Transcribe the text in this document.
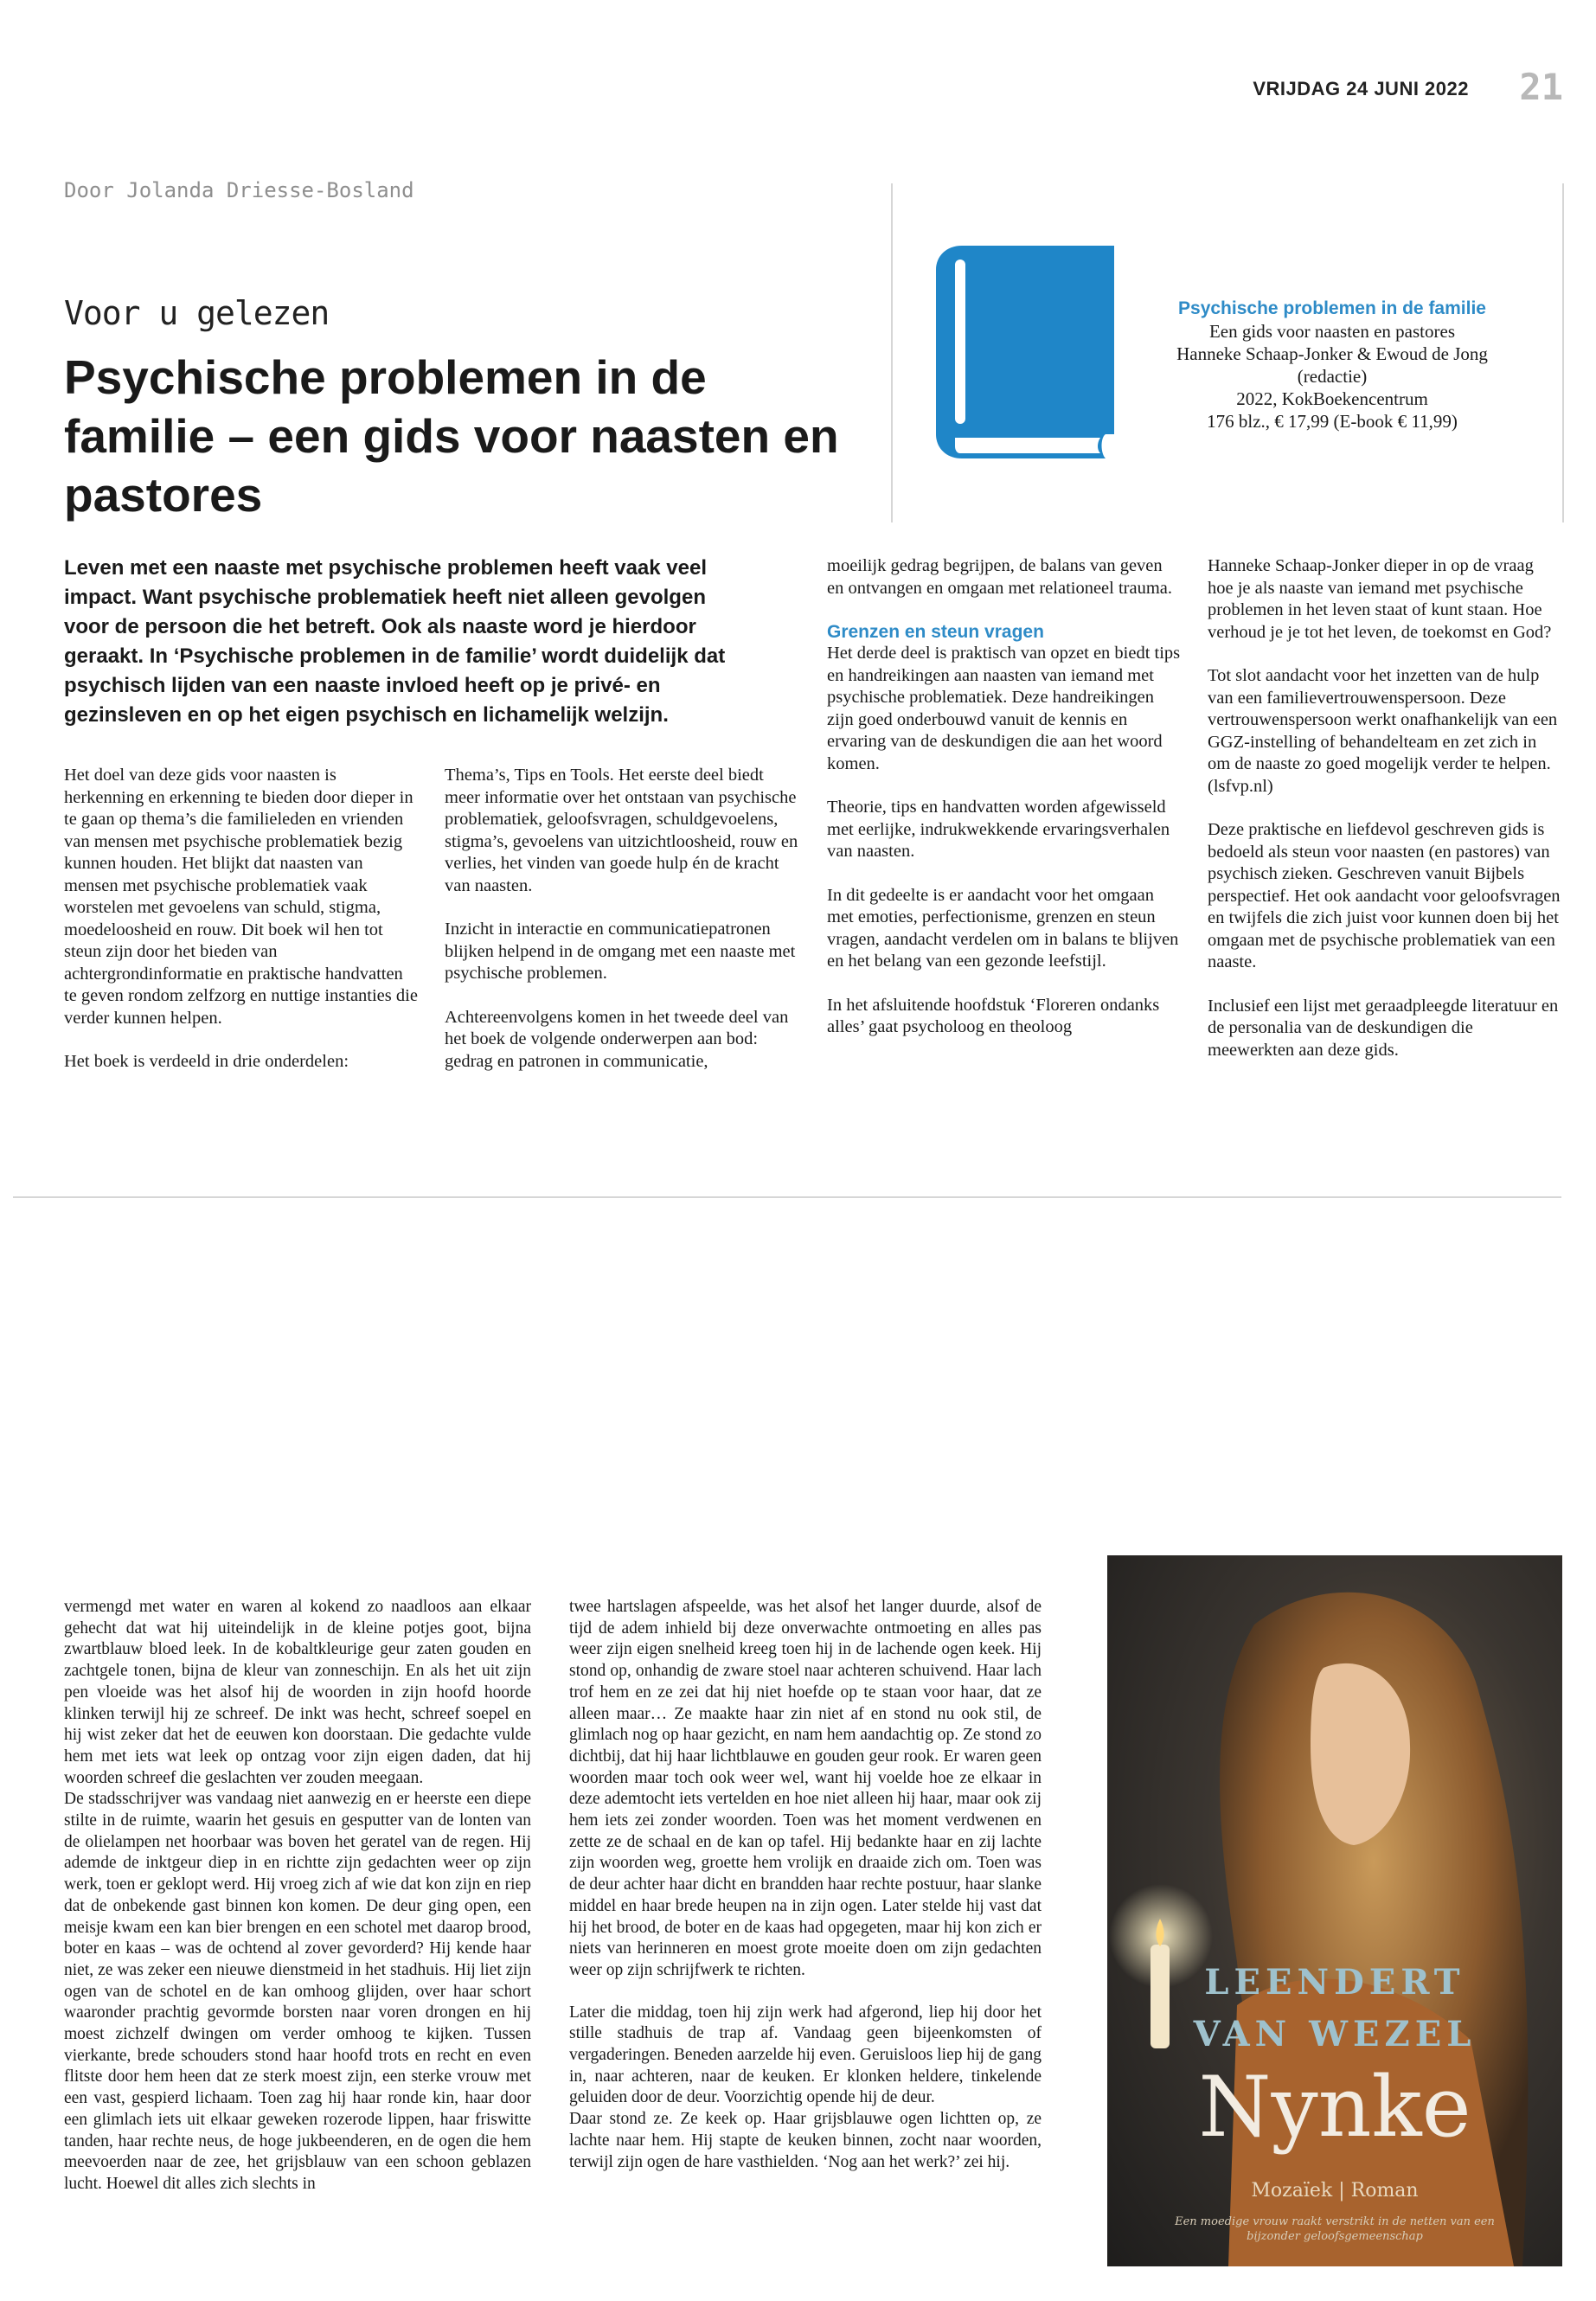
VRIJDAG 24 JUNI 2022 21
Door Jolanda Driesse-Bosland
Voor u gelezen
Psychische problemen in de familie – een gids voor naasten en pastores
Psychische problemen in de familie
Een gids voor naasten en pastores
Hanneke Schaap-Jonker & Ewoud de Jong (redactie)
2022, KokBoekencentrum
176 blz., € 17,99 (E-book € 11,99)
Leven met een naaste met psychische problemen heeft vaak veel impact. Want psychische problematiek heeft niet alleen gevolgen voor de persoon die het betreft. Ook als naaste word je hierdoor geraakt. In ‘Psychische problemen in de familie’ wordt duidelijk dat psychisch lijden van een naaste invloed heeft op je privé- en gezinsleven en op het eigen psychisch en lichamelijk welzijn.

Het doel van deze gids voor naasten is herkenning en erkenning te bieden door dieper in te gaan op thema’s die familieleden en vrienden van mensen met psychische problematiek bezig kunnen houden. Het blijkt dat naasten van mensen met psychische problematiek vaak worstelen met gevoelens van schuld, stigma, moedeloosheid en rouw. Dit boek wil hen tot steun zijn door het bieden van achtergrondinformatie en praktische handvatten te geven rondom zelfzorg en nuttige instanties die verder kunnen helpen.

Het boek is verdeeld in drie onderdelen:

Thema’s, Tips en Tools. Het eerste deel biedt meer informatie over het ontstaan van psychische problematiek, geloofsvragen, schuldgevoelens, stigma’s, gevoelens van uitzichtloosheid, rouw en verlies, het vinden van goede hulp én de kracht van naasten.

Inzicht in interactie en communicatiepatronen blijken helpend in de omgang met een naaste met psychische problemen.

Achtereenvolgens komen in het tweede deel van het boek de volgende onderwerpen aan bod: gedrag en patronen in communicatie,

moeilijk gedrag begrijpen, de balans van geven en ontvangen en omgaan met relationeel trauma.

Grenzen en steun vragen

Het derde deel is praktisch van opzet en biedt tips en handreikingen aan naasten van iemand met psychische problematiek. Deze handreikingen zijn goed onderbouwd vanuit de kennis en ervaring van de deskundigen die aan het woord komen.

Theorie, tips en handvatten worden afgewisseld met eerlijke, indrukwekkende ervaringsverhalen van naasten.

In dit gedeelte is er aandacht voor het omgaan met emoties, perfectionisme, grenzen en steun vragen, aandacht verdelen om in balans te blijven en het belang van een gezonde leefstijl.

In het afsluitende hoofdstuk ‘Floreren ondanks alles’ gaat psycholoog en theoloog

Hanneke Schaap-Jonker dieper in op de vraag hoe je als naaste van iemand met psychische problemen in het leven staat of kunt staan. Hoe verhoud je je tot het leven, de toekomst en God?

Tot slot aandacht voor het inzetten van de hulp van een familievertrouwenspersoon. Deze vertrouwenspersoon werkt onafhankelijk van een GGZ-instelling of behandelteam en zet zich in om de naaste zo goed mogelijk verder te helpen. (lsfvp.nl)

Deze praktische en liefdevol geschreven gids is bedoeld als steun voor naasten (en pastores) van psychisch zieken. Geschreven vanuit Bijbels perspectief. Het ook aandacht voor geloofsvragen en twijfels die zich juist voor kunnen doen bij het omgaan met de psychische problematiek van een naaste.

Inclusief een lijst met geraadpleegde literatuur en de personalia van de deskundigen die meewerkten aan deze gids.

vermengd met water en waren al kokend zo naadloos aan elkaar gehecht dat wat hij uiteindelijk in de kleine potjes goot, bijna zwartblauw bloed leek. In de kobaltkleurige geur zaten gouden en zachtgele tonen, bijna de kleur van zonneschijn. En als het uit zijn pen vloeide was het alsof hij de woorden in zijn hoofd hoorde klinken terwijl hij ze schreef. De inkt was hecht, schreef soepel en hij wist zeker dat het de eeuwen kon doorstaan. Die gedachte vulde hem met iets wat leek op ontzag voor zijn eigen daden, dat hij woorden schreef die geslachten ver zouden meegaan.
De stadsschrijver was vandaag niet aanwezig en er heerste een diepe stilte in de ruimte, waarin het gesuis en gesputter van de lonten van de olielampen net hoorbaar was boven het geratel van de regen. Hij ademde de inktgeur diep in en richtte zijn gedachten weer op zijn werk, toen er geklopt werd. Hij vroeg zich af wie dat kon zijn en riep dat de onbekende gast binnen kon komen. De deur ging open, een meisje kwam een kan bier brengen en een schotel met daarop brood, boter en kaas – was de ochtend al zover gevorderd? Hij kende haar niet, ze was zeker een nieuwe dienstmeid in het stadhuis. Hij liet zijn ogen van de schotel en de kan omhoog glijden, over haar schort waaronder prachtig gevormde borsten naar voren drongen en hij moest zichzelf dwingen om verder omhoog te kijken. Tussen vierkante, brede schouders stond haar hoofd trots en recht en even flitste door hem heen dat ze sterk moest zijn, een sterke vrouw met een vast, gespierd lichaam. Toen zag hij haar ronde kin, haar door een glimlach iets uit elkaar geweken rozerode lippen, haar friswitte tanden, haar rechte neus, de hoge jukbeenderen, en de ogen die hem meevoerden naar de zee, het grijsblauw van een schoon geblazen lucht. Hoewel dit alles zich slechts in

twee hartslagen afspeelde, was het alsof het langer duurde, alsof de tijd de adem inhield bij deze onverwachte ontmoeting en alles pas weer zijn eigen snelheid kreeg toen hij in de lachende ogen keek. Hij stond op, onhandig de zware stoel naar achteren schuivend. Haar lach trof hem en ze zei dat hij niet hoefde op te staan voor haar, dat ze alleen maar… Ze maakte haar zin niet af en stond nu ook stil, de glimlach nog op haar gezicht, en nam hem aandachtig op. Ze stond zo dichtbij, dat hij haar lichtblauwe en gouden geur rook. Er waren geen woorden maar toch ook weer wel, want hij voelde hoe ze elkaar in deze ademtocht iets vertelden en hoe niet alleen hij haar, maar ook zij hem iets zei zonder woorden. Toen was het moment verdwenen en zette ze de schaal en de kan op tafel. Hij bedankte haar en zij lachte zijn woorden weg, groette hem vrolijk en draaide zich om. Toen was de deur achter haar dicht en brandden haar rechte postuur, haar slanke middel en haar brede heupen na in zijn ogen. Later stelde hij vast dat hij het brood, de boter en de kaas had opgegeten, maar hij kon zich er niets van herinneren en moest grote moeite doen om zijn gedachten weer op zijn schrijfwerk te richten.

Later die middag, toen hij zijn werk had afgerond, liep hij door het stille stadhuis de trap af. Vandaag geen bijeenkomsten of vergaderingen. Beneden aarzelde hij even. Geruisloos liep hij de gang in, naar achteren, naar de keuken. Er klonken heldere, tinkelende geluiden door de deur. Voorzichtig opende hij de deur.
Daar stond ze. Ze keek op. Haar grijsblauwe ogen lichtten op, ze lachte naar hem. Hij stapte de keuken binnen, zocht naar woorden, terwijl zijn ogen de hare vasthielden. ‘Nog aan het werk?’ zei hij.

LEENDERT
VAN WEZEL
Nynke
Mozaïek | Roman
Een moedige vrouw raakt verstrikt in de netten van een bijzonder geloofsgemeenschap
